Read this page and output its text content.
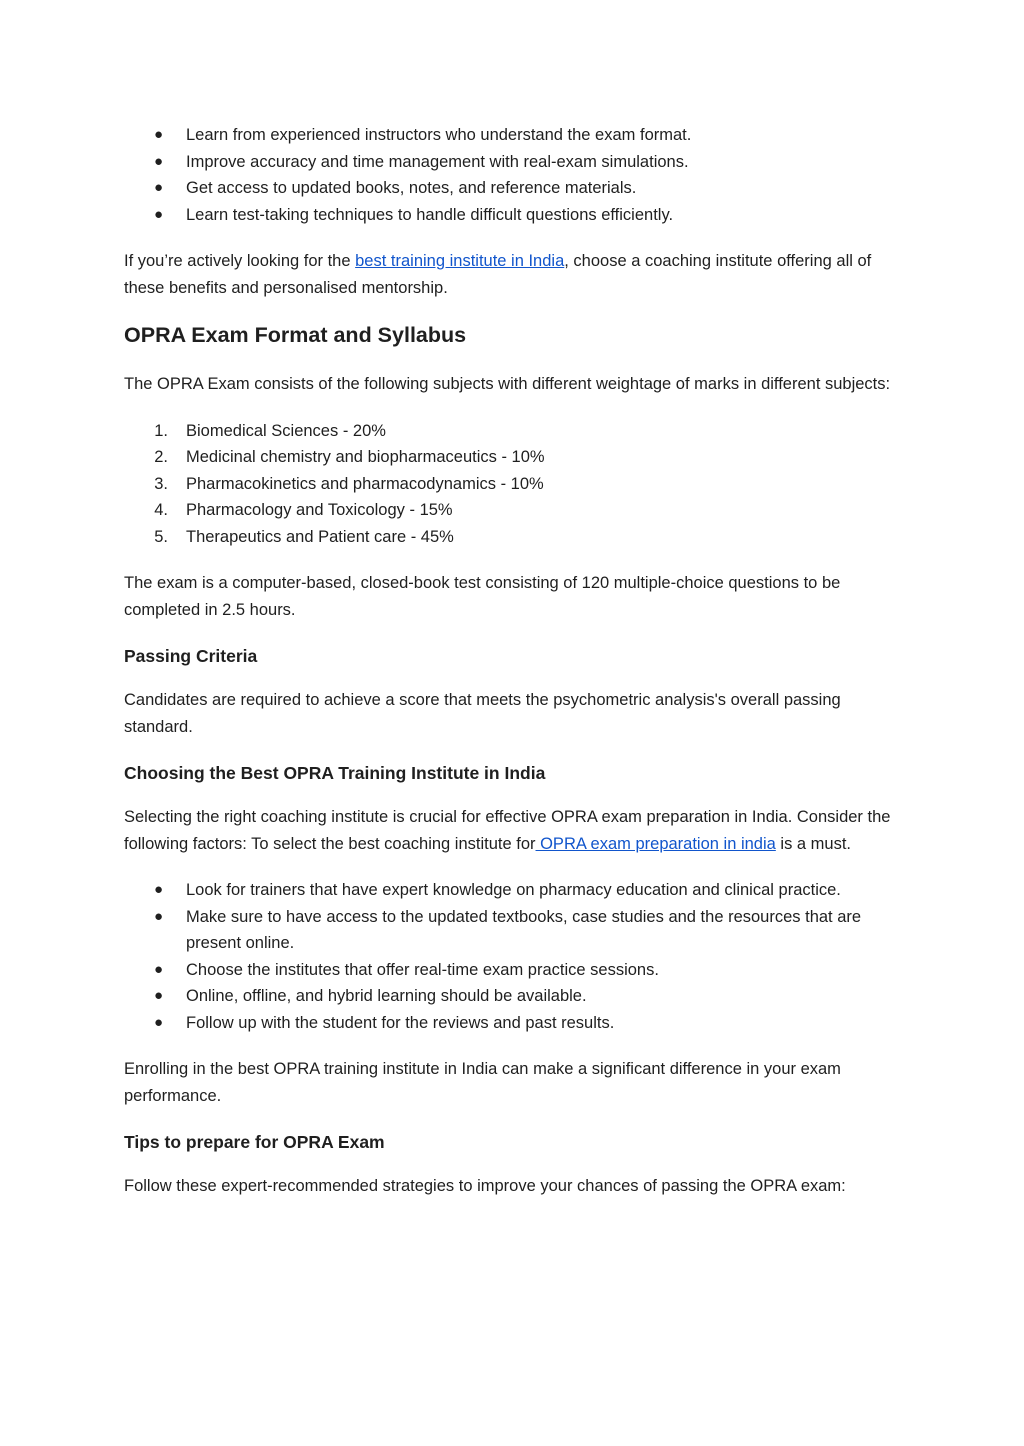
●	Learn from experienced instructors who understand the exam format.
●	Improve accuracy and time management with real-exam simulations.
●	Get access to updated books, notes, and reference materials.
●	Learn test-taking techniques to handle difficult questions efficiently.

If you’re actively looking for the best training institute in India, choose a coaching institute offering all of these benefits and personalised mentorship.

OPRA Exam Format and Syllabus

The OPRA Exam consists of the following subjects with different weightage of marks in different subjects:

1. Biomedical Sciences - 20%
2. Medicinal chemistry and biopharmaceutics - 10%
3. Pharmacokinetics and pharmacodynamics - 10%
4. Pharmacology and Toxicology - 15%
5. Therapeutics and Patient care - 45%

The exam is a computer-based, closed-book test consisting of 120 multiple-choice questions to be completed in 2.5 hours.

Passing Criteria

Candidates are required to achieve a score that meets the psychometric analysis's overall passing standard.

Choosing the Best OPRA Training Institute in India

Selecting the right coaching institute is crucial for effective OPRA exam preparation in India. Consider the following factors: To select the best coaching institute for OPRA exam preparation in india is a must.

●	Look for trainers that have expert knowledge on pharmacy education and clinical practice.
●	Make sure to have access to the updated textbooks, case studies and the resources that are present online.
●	Choose the institutes that offer real-time exam practice sessions.
●	Online, offline, and hybrid learning should be available.
●	Follow up with the student for the reviews and past results.

Enrolling in the best OPRA training institute in India can make a significant difference in your exam performance.

Tips to prepare for OPRA Exam

Follow these expert-recommended strategies to improve your chances of passing the OPRA exam:
